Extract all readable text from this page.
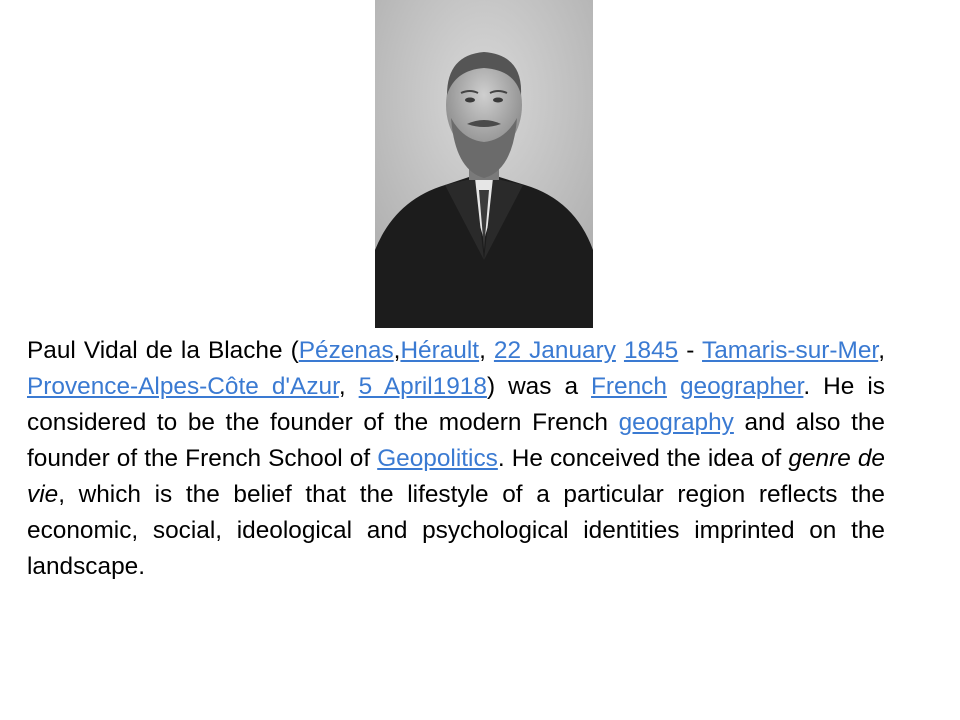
Paul Vidal de la Blache (Pézenas,Hérault, 22 January 1845 - Tamaris-sur-Mer, Provence-Alpes-Côte d'Azur, 5 April1918) was a French geographer. He is considered to be the founder of the modern French geography and also the founder of the French School of Geopolitics. He conceived the idea of genre de vie, which is the belief that the lifestyle of a particular region reflects the economic, social, ideological and psychological identities imprinted on the landscape.
